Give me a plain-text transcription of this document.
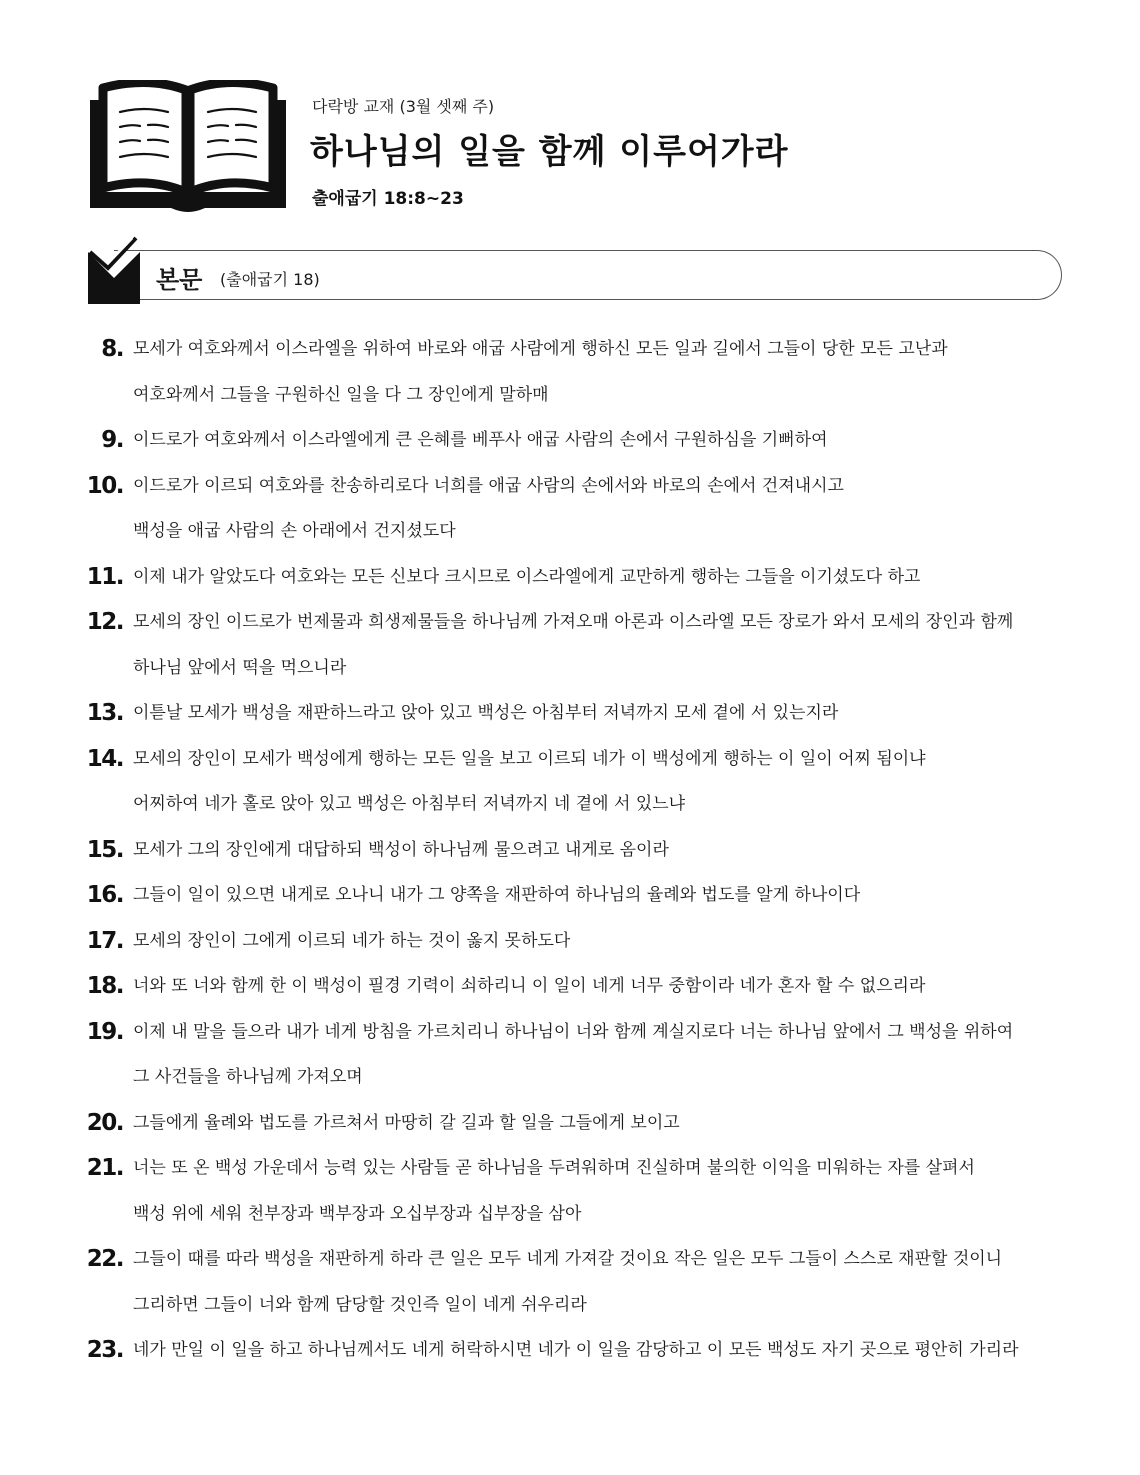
다락방 교재 (3월 셋째 주)
하나님의 일을 함께 이루어가라
출애굽기 18:8~23
본문 (출애굽기 18)
8. 모세가 여호와께서 이스라엘을 위하여 바로와 애굽 사람에게 행하신 모든 일과 길에서 그들이 당한 모든 고난과
여호와께서 그들을 구원하신 일을 다 그 장인에게 말하매
9. 이드로가 여호와께서 이스라엘에게 큰 은혜를 베푸사 애굽 사람의 손에서 구원하심을 기뻐하여
10. 이드로가 이르되 여호와를 찬송하리로다 너희를 애굽 사람의 손에서와 바로의 손에서 건져내시고
백성을 애굽 사람의 손 아래에서 건지셨도다
11. 이제 내가 알았도다 여호와는 모든 신보다 크시므로 이스라엘에게 교만하게 행하는 그들을 이기셨도다 하고
12. 모세의 장인 이드로가 번제물과 희생제물들을 하나님께 가져오매 아론과 이스라엘 모든 장로가 와서 모세의 장인과 함께
하나님 앞에서 떡을 먹으니라
13. 이튿날 모세가 백성을 재판하느라고 앉아 있고 백성은 아침부터 저녁까지 모세 곁에 서 있는지라
14. 모세의 장인이 모세가 백성에게 행하는 모든 일을 보고 이르되 네가 이 백성에게 행하는 이 일이 어찌 됨이냐
어찌하여 네가 홀로 앉아 있고 백성은 아침부터 저녁까지 네 곁에 서 있느냐
15. 모세가 그의 장인에게 대답하되 백성이 하나님께 물으려고 내게로 옴이라
16. 그들이 일이 있으면 내게로 오나니 내가 그 양쪽을 재판하여 하나님의 율례와 법도를 알게 하나이다
17. 모세의 장인이 그에게 이르되 네가 하는 것이 옳지 못하도다
18. 너와 또 너와 함께 한 이 백성이 필경 기력이 쇠하리니 이 일이 네게 너무 중함이라 네가 혼자 할 수 없으리라
19. 이제 내 말을 들으라 내가 네게 방침을 가르치리니 하나님이 너와 함께 계실지로다 너는 하나님 앞에서 그 백성을 위하여
그 사건들을 하나님께 가져오며
20. 그들에게 율례와 법도를 가르쳐서 마땅히 갈 길과 할 일을 그들에게 보이고
21. 너는 또 온 백성 가운데서 능력 있는 사람들 곧 하나님을 두려워하며 진실하며 불의한 이익을 미워하는 자를 살펴서
백성 위에 세워 천부장과 백부장과 오십부장과 십부장을 삼아
22. 그들이 때를 따라 백성을 재판하게 하라 큰 일은 모두 네게 가져갈 것이요 작은 일은 모두 그들이 스스로 재판할 것이니
그리하면 그들이 너와 함께 담당할 것인즉 일이 네게 쉬우리라
23. 네가 만일 이 일을 하고 하나님께서도 네게 허락하시면 네가 이 일을 감당하고 이 모든 백성도 자기 곳으로 평안히 가리라
